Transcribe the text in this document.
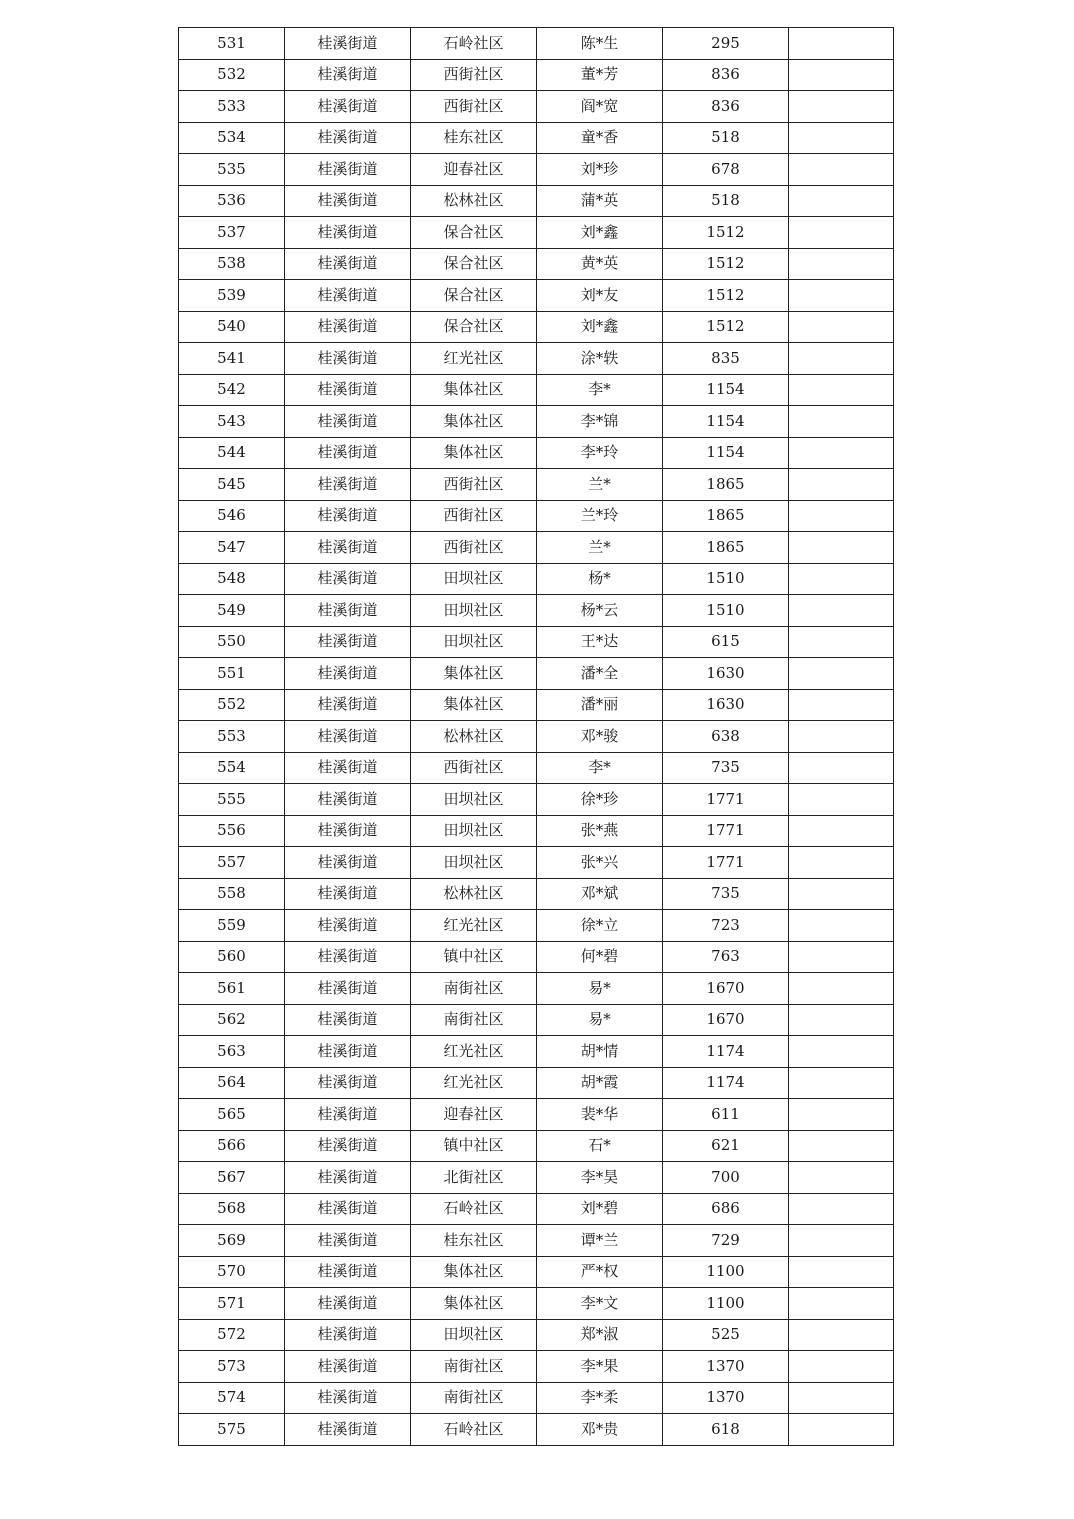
531	桂溪街道	石岭社区	陈*生	295	
532	桂溪街道	西街社区	董*芳	836	
533	桂溪街道	西街社区	阎*宽	836	
534	桂溪街道	桂东社区	童*香	518	
535	桂溪街道	迎春社区	刘*珍	678	
536	桂溪街道	松林社区	蒲*英	518	
537	桂溪街道	保合社区	刘*鑫	1512	
538	桂溪街道	保合社区	黄*英	1512	
539	桂溪街道	保合社区	刘*友	1512	
540	桂溪街道	保合社区	刘*鑫	1512	
541	桂溪街道	红光社区	涂*轶	835	
542	桂溪街道	集体社区	李*	1154	
543	桂溪街道	集体社区	李*锦	1154	
544	桂溪街道	集体社区	李*玲	1154	
545	桂溪街道	西街社区	兰*	1865	
546	桂溪街道	西街社区	兰*玲	1865	
547	桂溪街道	西街社区	兰*	1865	
548	桂溪街道	田坝社区	杨*	1510	
549	桂溪街道	田坝社区	杨*云	1510	
550	桂溪街道	田坝社区	王*达	615	
551	桂溪街道	集体社区	潘*全	1630	
552	桂溪街道	集体社区	潘*丽	1630	
553	桂溪街道	松林社区	邓*骏	638	
554	桂溪街道	西街社区	李*	735	
555	桂溪街道	田坝社区	徐*珍	1771	
556	桂溪街道	田坝社区	张*燕	1771	
557	桂溪街道	田坝社区	张*兴	1771	
558	桂溪街道	松林社区	邓*斌	735	
559	桂溪街道	红光社区	徐*立	723	
560	桂溪街道	镇中社区	何*碧	763	
561	桂溪街道	南街社区	易*	1670	
562	桂溪街道	南街社区	易*	1670	
563	桂溪街道	红光社区	胡*情	1174	
564	桂溪街道	红光社区	胡*霞	1174	
565	桂溪街道	迎春社区	裴*华	611	
566	桂溪街道	镇中社区	石*	621	
567	桂溪街道	北街社区	李*昊	700	
568	桂溪街道	石岭社区	刘*碧	686	
569	桂溪街道	桂东社区	谭*兰	729	
570	桂溪街道	集体社区	严*权	1100	
571	桂溪街道	集体社区	李*文	1100	
572	桂溪街道	田坝社区	郑*淑	525	
573	桂溪街道	南街社区	李*果	1370	
574	桂溪街道	南街社区	李*柔	1370	
575	桂溪街道	石岭社区	邓*贵	618	
